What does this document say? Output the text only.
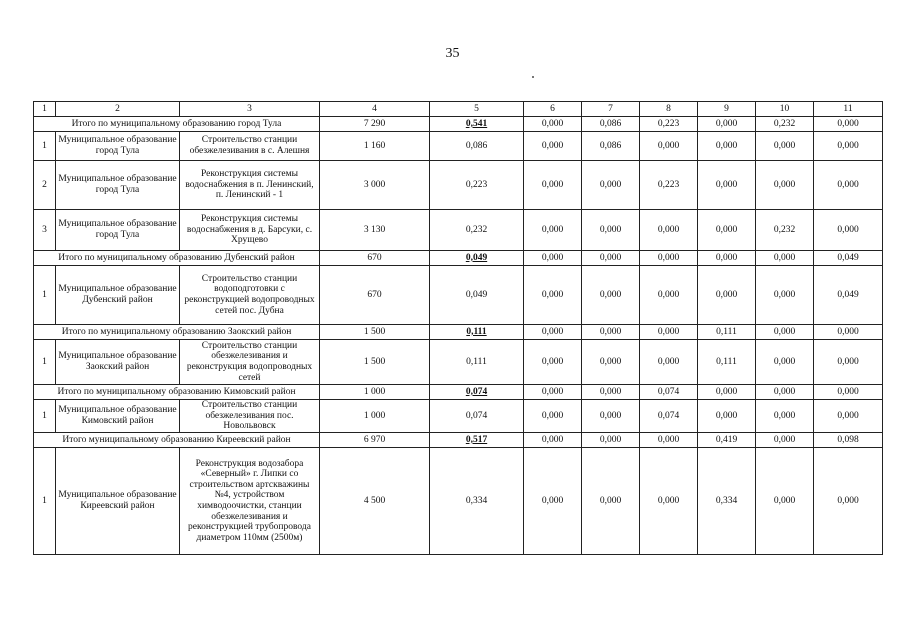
35
1	2	3	4	5	6	7	8	9	10	11
Итого по муниципальному образованию город Тула			7 290	0,541	0,000	0,086	0,223	0,000	0,232	0,000
1	Муниципальное образование город Тула	Строительство станции обезжелезивания в с. Алешня	1 160	0,086	0,000	0,086	0,000	0,000	0,000	0,000
2	Муниципальное образование город Тула	Реконструкция системы водоснабжения в п. Ленинский, п. Ленинский - 1	3 000	0,223	0,000	0,000	0,223	0,000	0,000	0,000
3	Муниципальное образование город Тула	Реконструкция системы водоснабжения в д. Барсуки, с. Хрущево	3 130	0,232	0,000	0,000	0,000	0,000	0,232	0,000
Итого по муниципальному образованию Дубенский район			670	0,049	0,000	0,000	0,000	0,000	0,000	0,049
1	Муниципальное образование Дубенский район	Строительство станции водоподготовки с реконструкцией водопроводных сетей пос. Дубна	670	0,049	0,000	0,000	0,000	0,000	0,000	0,049
Итого по муниципальному образованию Заокский район			1 500	0,111	0,000	0,000	0,000	0,111	0,000	0,000
1	Муниципальное образование Заокский район	Строительство станции обезжелезивания и реконструкция водопроводных сетей	1 500	0,111	0,000	0,000	0,000	0,111	0,000	0,000
Итого по муниципальному образованию Кимовский район			1 000	0,074	0,000	0,000	0,074	0,000	0,000	0,000
1	Муниципальное образование Кимовский район	Строительство станции обезжелезивания пос. Новольвовск	1 000	0,074	0,000	0,000	0,074	0,000	0,000	0,000
Итого муниципальному образованию Киреевский район			6 970	0,517	0,000	0,000	0,000	0,419	0,000	0,098
1	Муниципальное образование Киреевский район	Реконструкция водозабора «Северный» г. Липки со строительством артскважины №4, устройством химводоочистки, станции обезжелезивания и реконструкцией трубопровода диаметром 110мм (2500м)	4 500	0,334	0,000	0,000	0,000	0,334	0,000	0,000
